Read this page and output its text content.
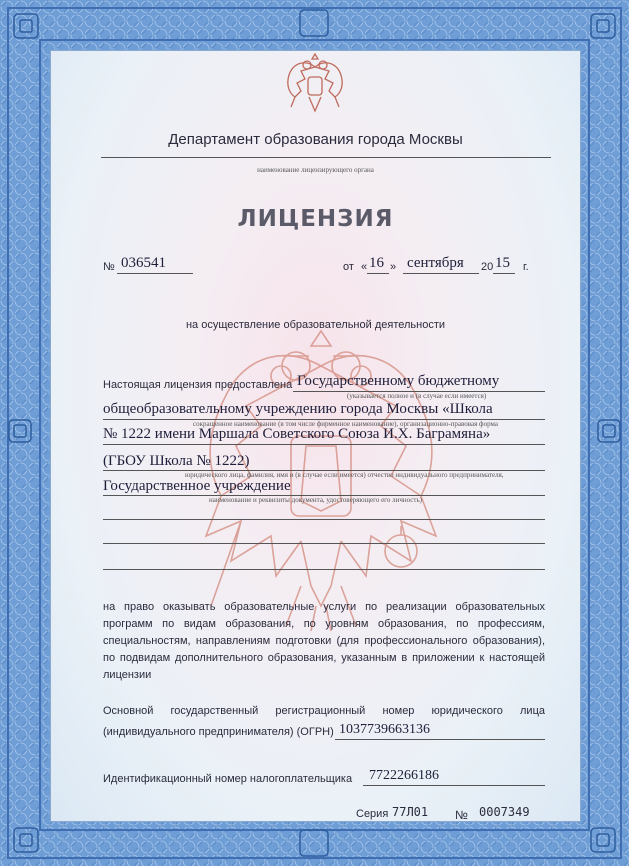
Департамент образования города Москвы
наименование лицензирующего органа
ЛИЦЕНЗИЯ
№ 036541	от « 16 » сентября 20 15 г.
на осуществление образовательной деятельности
Настоящая лицензия предоставлена Государственному бюджетному
(указывается полное и (в случае если имеется)
общеобразовательному учреждению города Москвы «Школа
сокращенное наименование (в том числе фирменное наименование), организационно-правовая форма
№ 1222 имени Маршала Советского Союза И.Х. Баграмяна»
(ГБОУ Школа № 1222)
юридического лица, фамилия, имя и (в случае если имеется) отчество индивидуального предпринимателя,
Государственное учреждение
наименование и реквизиты документа, удостоверяющего его личность)
на право оказывать образовательные услуги по реализации образовательных программ по видам образования, по уровням образования, по профессиям, специальностям, направлениям подготовки (для профессионального образования), по подвидам дополнительного образования, указанным в приложении к настоящей лицензии
Основной государственный регистрационный номер юридического лица
(индивидуального предпринимателя) (ОГРН) 1037739663136
Идентификационный номер налогоплательщика 7722266186
Серия 77Л01 № 0007349
